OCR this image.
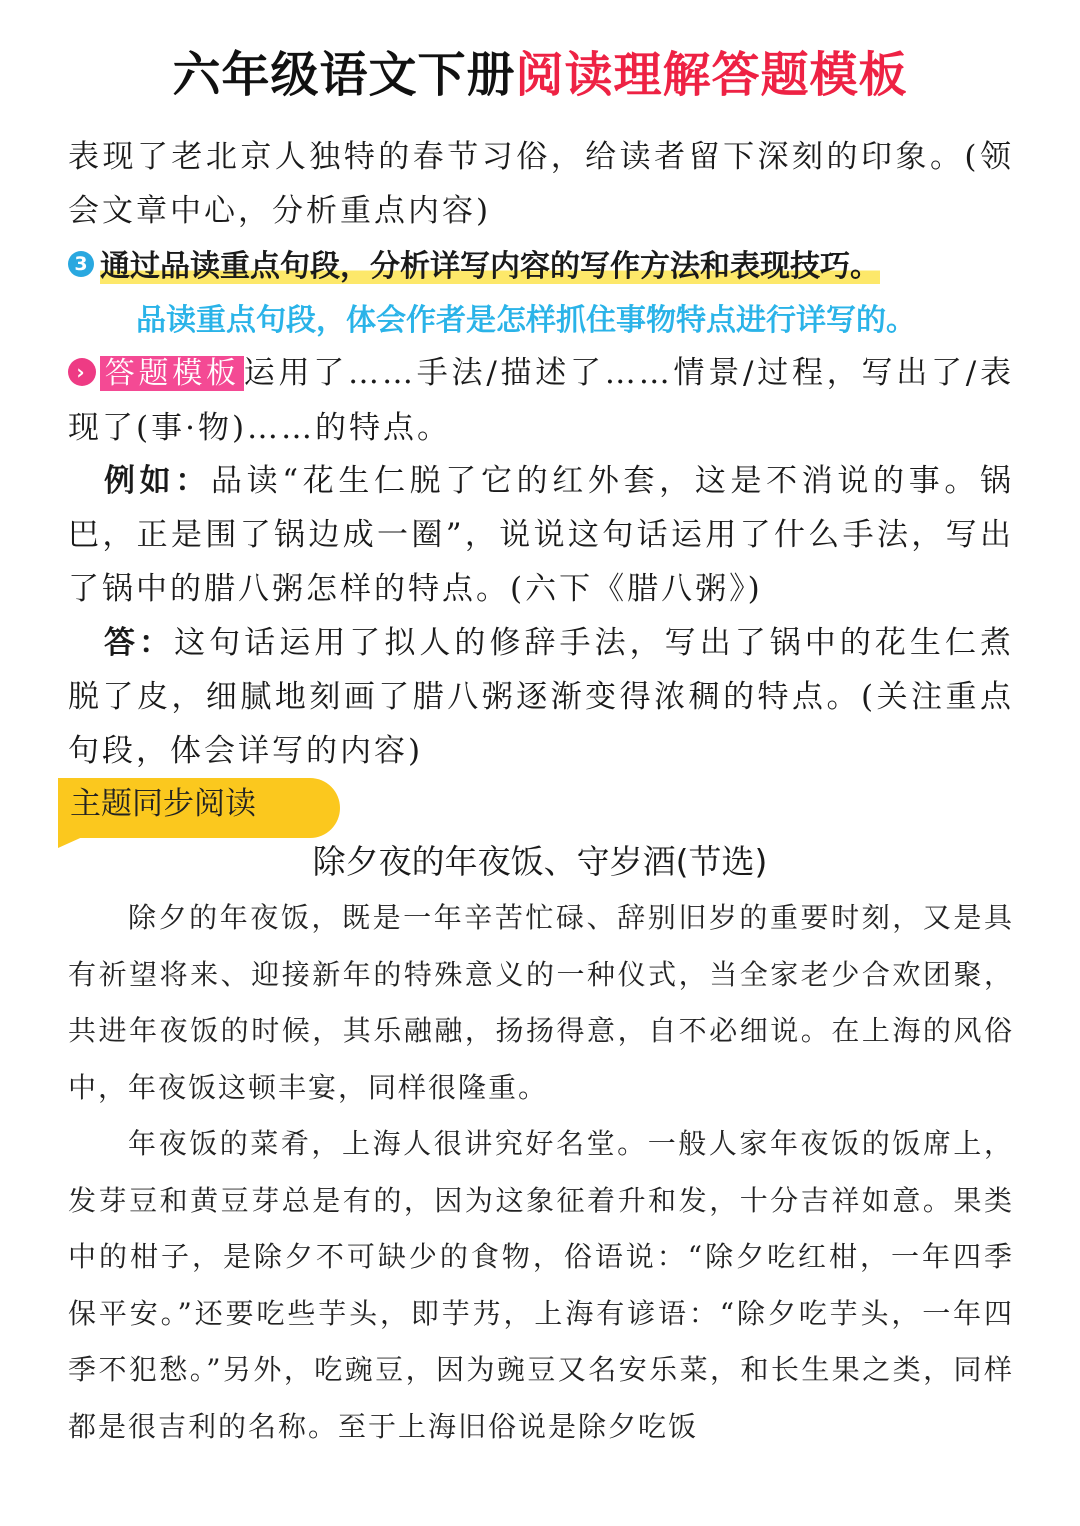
六年级语文下册阅读理解答题模板

表现了老北京人独特的春节习俗，给读者留下深刻的印象。(领会文章中心，分析重点内容)

3 通过品读重点句段，分析详写内容的写作方法和表现技巧。
品读重点句段，体会作者是怎样抓住事物特点进行详写的。

› 答题模板 运用了……手法/描述了……情景/过程，写出了/表现了(事·物)……的特点。

例如：品读“花生仁脱了它的红外套，这是不消说的事。锅巴，正是围了锅边成一圈”，说说这句话运用了什么手法，写出了锅中的腊八粥怎样的特点。(六下《腊八粥》)

答：这句话运用了拟人的修辞手法，写出了锅中的花生仁煮脱了皮，细腻地刻画了腊八粥逐渐变得浓稠的特点。(关注重点句段，体会详写的内容)

主题同步阅读
除夕夜的年夜饭、守岁酒(节选)

除夕的年夜饭，既是一年辛苦忙碌、辞别旧岁的重要时刻，又是具有祈望将来、迎接新年的特殊意义的一种仪式，当全家老少合欢团聚，共进年夜饭的时候，其乐融融，扬扬得意，自不必细说。在上海的风俗中，年夜饭这顿丰宴，同样很隆重。

年夜饭的菜肴，上海人很讲究好名堂。一般人家年夜饭的饭席上，发芽豆和黄豆芽总是有的，因为这象征着升和发，十分吉祥如意。果类中的柑子，是除夕不可缺少的食物，俗语说：“除夕吃红柑，一年四季保平安。”还要吃些芋头，即芋艿，上海有谚语：“除夕吃芋头，一年四季不犯愁。”另外，吃豌豆，因为豌豆又名安乐菜，和长生果之类，同样都是很吉利的名称。至于上海旧俗说是除夕吃饭
